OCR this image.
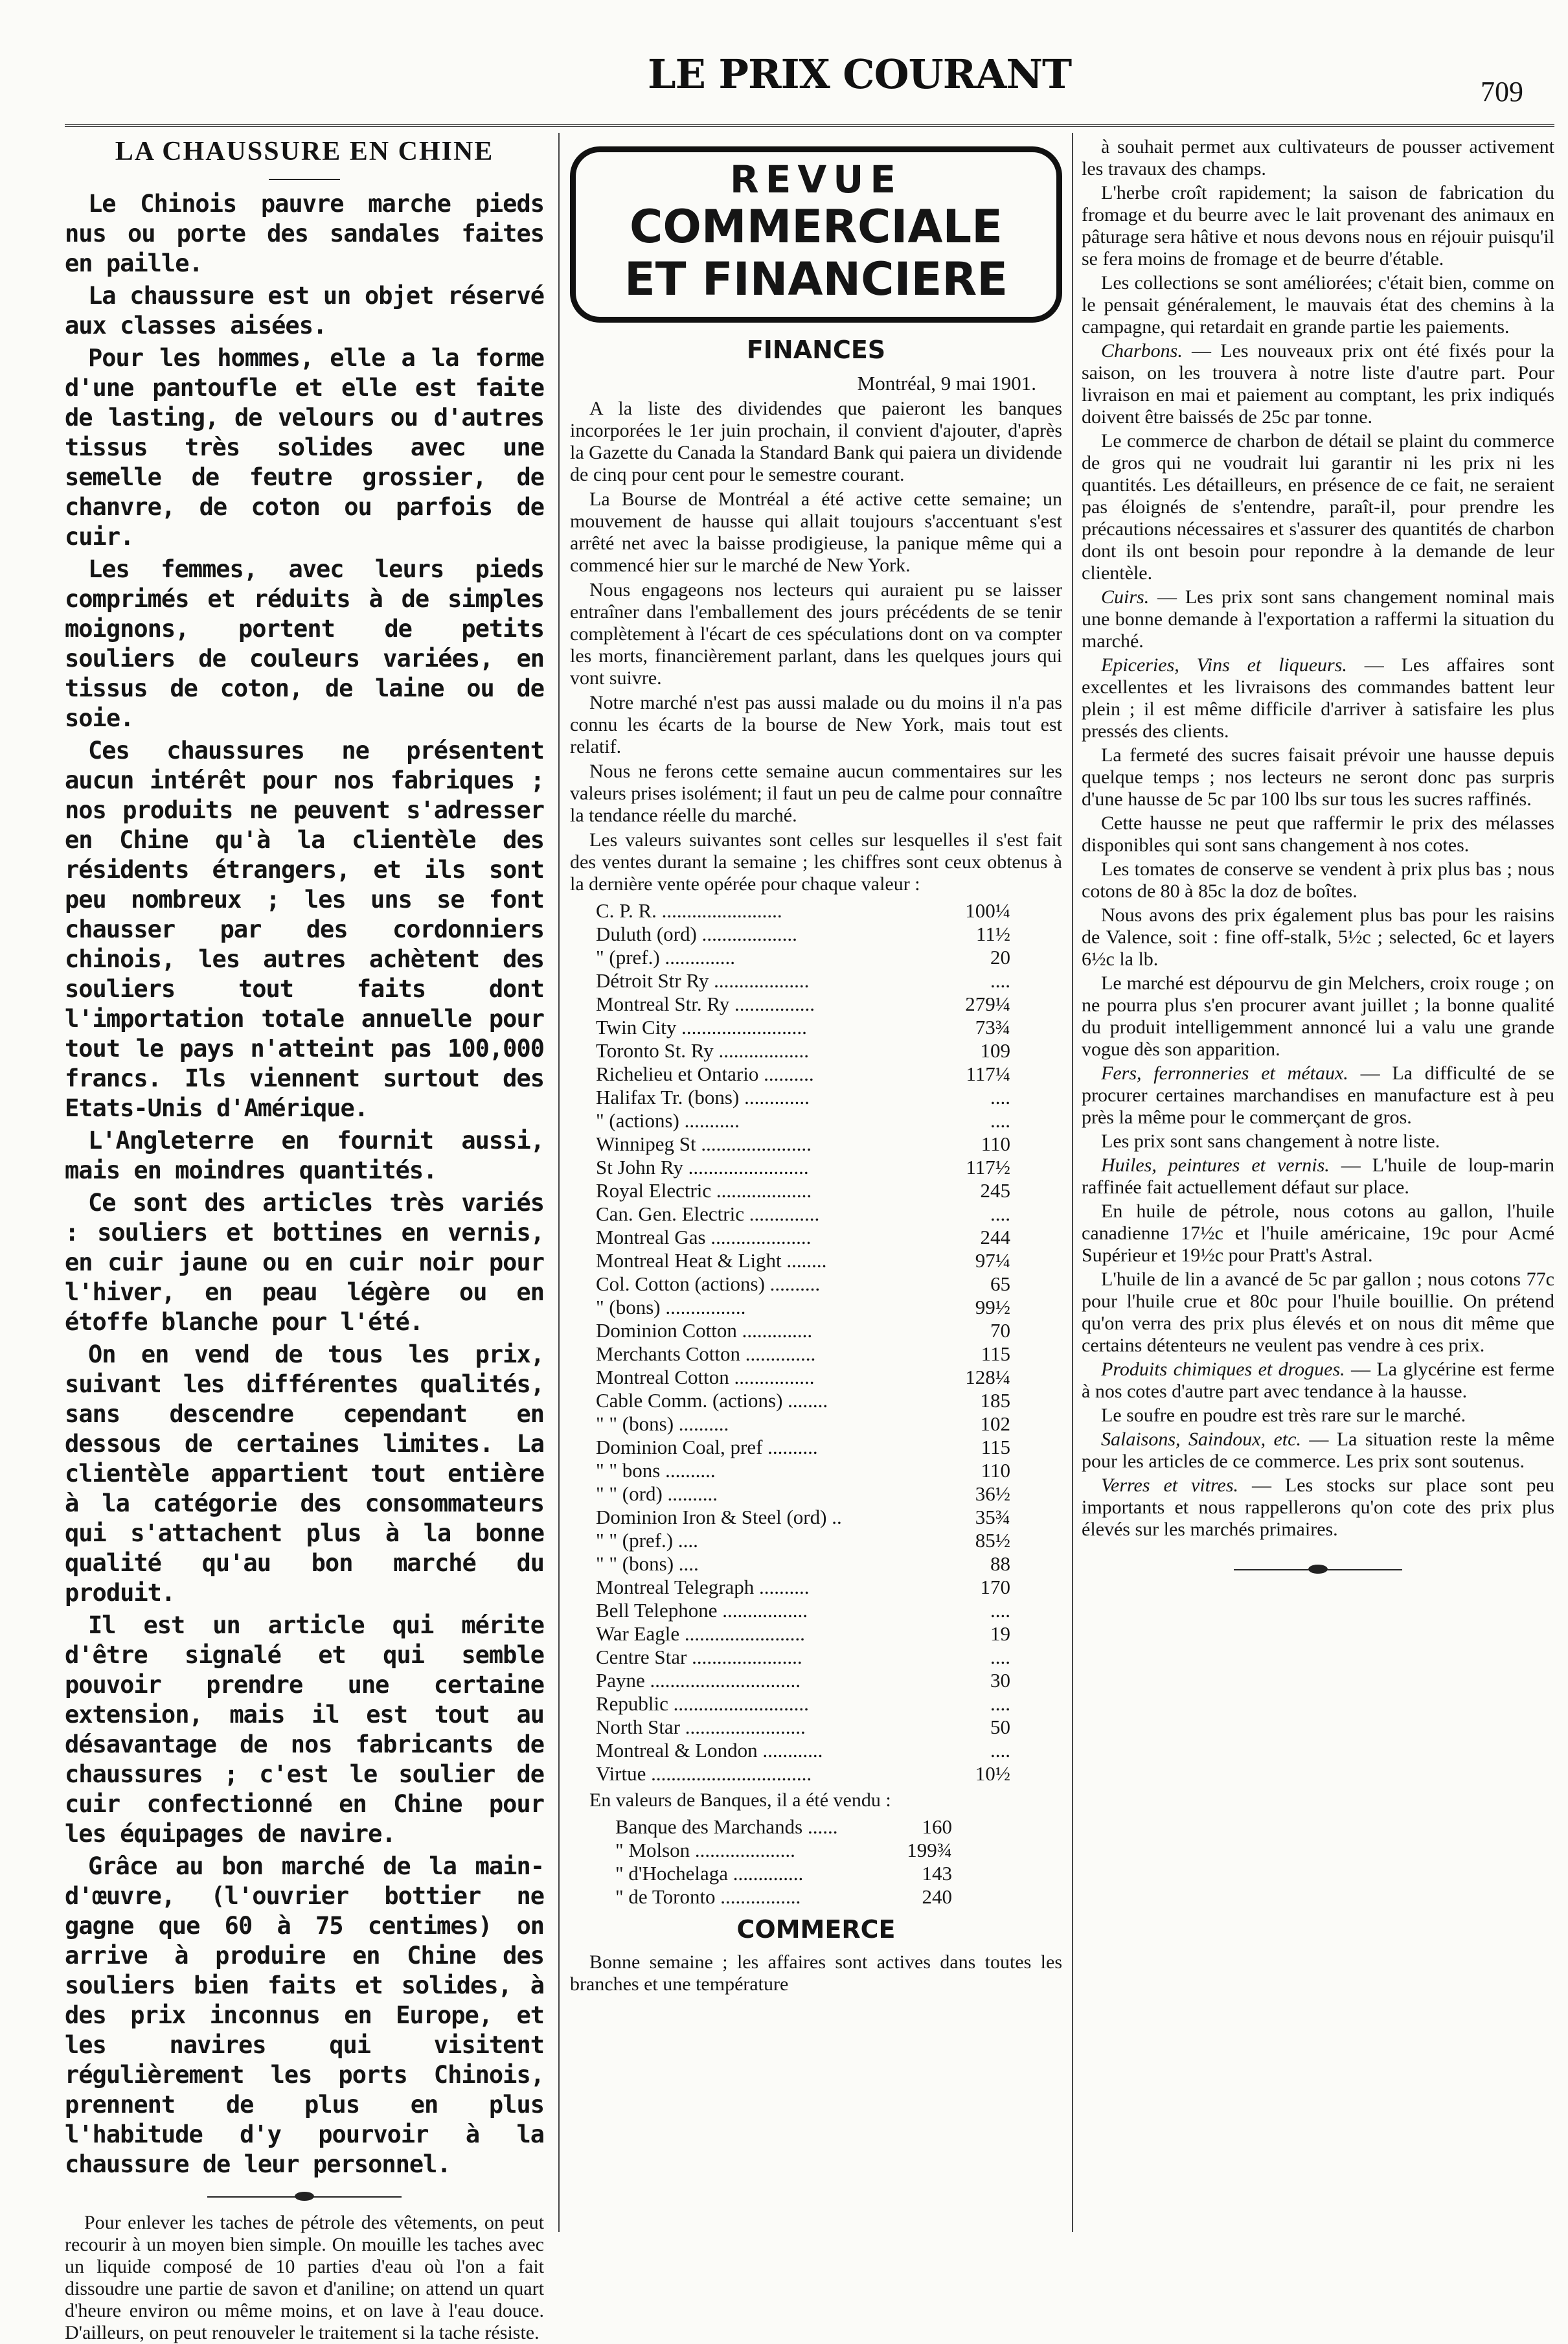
LE PRIX COURANT	709
LA CHAUSSURE EN CHINE

Le Chinois pauvre marche pieds nus ou porte des sandales faites en paille.

La chaussure est un objet réservé aux classes aisées.

Pour les hommes, elle a la forme d'une pantoufle et elle est faite de lasting, de velours ou d'autres tissus très solides avec une semelle de feutre grossier, de chanvre, de coton ou parfois de cuir.

Les femmes, avec leurs pieds comprimés et réduits à de simples moignons, portent de petits souliers de couleurs variées, en tissus de coton, de laine ou de soie.

Ces chaussures ne présentent aucun intérêt pour nos fabriques ; nos produits ne peuvent s'adresser en Chine qu'à la clientèle des résidents étrangers, et ils sont peu nombreux ; les uns se font chausser par des cordonniers chinois, les autres achètent des souliers tout faits dont l'importation totale annuelle pour tout le pays n'atteint pas 100,000 francs. Ils viennent surtout des Etats-Unis d'Amérique.

L'Angleterre en fournit aussi, mais en moindres quantités.

Ce sont des articles très variés : souliers et bottines en vernis, en cuir jaune ou en cuir noir pour l'hiver, en peau légère ou en étoffe blanche pour l'été.

On en vend de tous les prix, suivant les différentes qualités, sans descendre cependant en dessous de certaines limites. La clientèle appartient tout entière à la catégorie des consommateurs qui s'attachent plus à la bonne qualité qu'au bon marché du produit.

Il est un article qui mérite d'être signalé et qui semble pouvoir prendre une certaine extension, mais il est tout au désavantage de nos fabricants de chaussures ; c'est le soulier de cuir confectionné en Chine pour les équipages de navire.

Grâce au bon marché de la main-d'œuvre, (l'ouvrier bottier ne gagne que 60 à 75 centimes) on arrive à produire en Chine des souliers bien faits et solides, à des prix inconnus en Europe, et les navires qui visitent régulièrement les ports Chinois, prennent de plus en plus l'habitude d'y pourvoir à la chaussure de leur personnel.

Pour enlever les taches de pétrole des vêtements, on peut recourir à un moyen bien simple. On mouille les taches avec un liquide composé de 10 parties d'eau où l'on a fait dissoudre une partie de savon et d'aniline; on attend un quart d'heure environ ou même moins, et on lave à l'eau douce. D'ailleurs, on peut renouveler le traitement si la tache résiste.

REVUE
COMMERCIALE
ET FINANCIERE
FINANCES
Montréal, 9 mai 1901.

A la liste des dividendes que paieront les banques incorporées le 1er juin prochain, il convient d'ajouter, d'après la Gazette du Canada la Standard Bank qui paiera un dividende de cinq pour cent pour le semestre courant.

La Bourse de Montréal a été active cette semaine; un mouvement de hausse qui allait toujours s'accentuant s'est arrêté net avec la baisse prodigieuse, la panique même qui a commencé hier sur le marché de New York.

Nous engageons nos lecteurs qui auraient pu se laisser entraîner dans l'emballement des jours précédents de se tenir complètement à l'écart de ces spéculations dont on va compter les morts, financièrement parlant, dans les quelques jours qui vont suivre.

Notre marché n'est pas aussi malade ou du moins il n'a pas connu les écarts de la bourse de New York, mais tout est relatif.

Nous ne ferons cette semaine aucun commentaires sur les valeurs prises isolément; il faut un peu de calme pour connaître la tendance réelle du marché.

Les valeurs suivantes sont celles sur lesquelles il s'est fait des ventes durant la semaine ; les chiffres sont ceux obtenus à la dernière vente opérée pour chaque valeur :

C. P. R. ........................	100¼
Duluth (ord) ...................	11½
" (pref.) ..............	20
Détroit Str Ry ...................	....
Montreal Str. Ry ................	279¼
Twin City .........................	73¾
Toronto St. Ry ..................	109
Richelieu et Ontario ..........	117¼
Halifax Tr. (bons) .............	....
" (actions) ...........	....
Winnipeg St ......................	110
St John Ry ........................	117½
Royal Electric ...................	245
Can. Gen. Electric ..............	....
Montreal Gas ....................	244
Montreal Heat & Light ........	97¼
Col. Cotton (actions) ..........	65
" (bons) ................	99½
Dominion Cotton ..............	70
Merchants Cotton ..............	115
Montreal Cotton ................	128¼
Cable Comm. (actions) ........	185
" " (bons) ..........	102
Dominion Coal, pref ..........	115
" " bons ..........	110
" " (ord) ..........	36½
Dominion Iron & Steel (ord) ..	35¾
" " (pref.) ....	85½
" " (bons) ....	88
Montreal Telegraph ..........	170
Bell Telephone .................	....
War Eagle ........................	19
Centre Star ......................	....
Payne ..............................	30
Republic ...........................	....
North Star ........................	50
Montreal & London ............	....
Virtue ................................	10½

En valeurs de Banques, il a été vendu :

Banque des Marchands ......	160
" Molson ....................	199¾
" d'Hochelaga ..............	143
" de Toronto ................	240
COMMERCE

Bonne semaine ; les affaires sont actives dans toutes les branches et une température

à souhait permet aux cultivateurs de pousser activement les travaux des champs.

L'herbe croît rapidement; la saison de fabrication du fromage et du beurre avec le lait provenant des animaux en pâturage sera hâtive et nous devons nous en réjouir puisqu'il se fera moins de fromage et de beurre d'étable.

Les collections se sont améliorées; c'était bien, comme on le pensait généralement, le mauvais état des chemins à la campagne, qui retardait en grande partie les paiements.

Charbons. — Les nouveaux prix ont été fixés pour la saison, on les trouvera à notre liste d'autre part. Pour livraison en mai et paiement au comptant, les prix indiqués doivent être baissés de 25c par tonne.

Le commerce de charbon de détail se plaint du commerce de gros qui ne voudrait lui garantir ni les prix ni les quantités. Les détailleurs, en présence de ce fait, ne seraient pas éloignés de s'entendre, paraît-il, pour prendre les précautions nécessaires et s'assurer des quantités de charbon dont ils ont besoin pour repondre à la demande de leur clientèle.

Cuirs. — Les prix sont sans changement nominal mais une bonne demande à l'exportation a raffermi la situation du marché.

Epiceries, Vins et liqueurs. — Les affaires sont excellentes et les livraisons des commandes battent leur plein ; il est même difficile d'arriver à satisfaire les plus pressés des clients.

La fermeté des sucres faisait prévoir une hausse depuis quelque temps ; nos lecteurs ne seront donc pas surpris d'une hausse de 5c par 100 lbs sur tous les sucres raffinés.

Cette hausse ne peut que raffermir le prix des mélasses disponibles qui sont sans changement à nos cotes.

Les tomates de conserve se vendent à prix plus bas ; nous cotons de 80 à 85c la doz de boîtes.

Nous avons des prix également plus bas pour les raisins de Valence, soit : fine off-stalk, 5½c ; selected, 6c et layers 6½c la lb.

Le marché est dépourvu de gin Melchers, croix rouge ; on ne pourra plus s'en procurer avant juillet ; la bonne qualité du produit intelligemment annoncé lui a valu une grande vogue dès son apparition.

Fers, ferronneries et métaux. — La difficulté de se procurer certaines marchandises en manufacture est à peu près la même pour le commerçant de gros.

Les prix sont sans changement à notre liste.

Huiles, peintures et vernis. — L'huile de loup-marin raffinée fait actuellement défaut sur place.

En huile de pétrole, nous cotons au gallon, l'huile canadienne 17½c et l'huile américaine, 19c pour Acmé Supérieur et 19½c pour Pratt's Astral.

L'huile de lin a avancé de 5c par gallon ; nous cotons 77c pour l'huile crue et 80c pour l'huile bouillie. On prétend qu'on verra des prix plus élevés et on nous dit même que certains détenteurs ne veulent pas vendre à ces prix.

Produits chimiques et drogues. — La glycérine est ferme à nos cotes d'autre part avec tendance à la hausse.

Le soufre en poudre est très rare sur le marché.

Salaisons, Saindoux, etc. — La situation reste la même pour les articles de ce commerce. Les prix sont soutenus.

Verres et vitres. — Les stocks sur place sont peu importants et nous rappellerons qu'on cote des prix plus élevés sur les marchés primaires.
